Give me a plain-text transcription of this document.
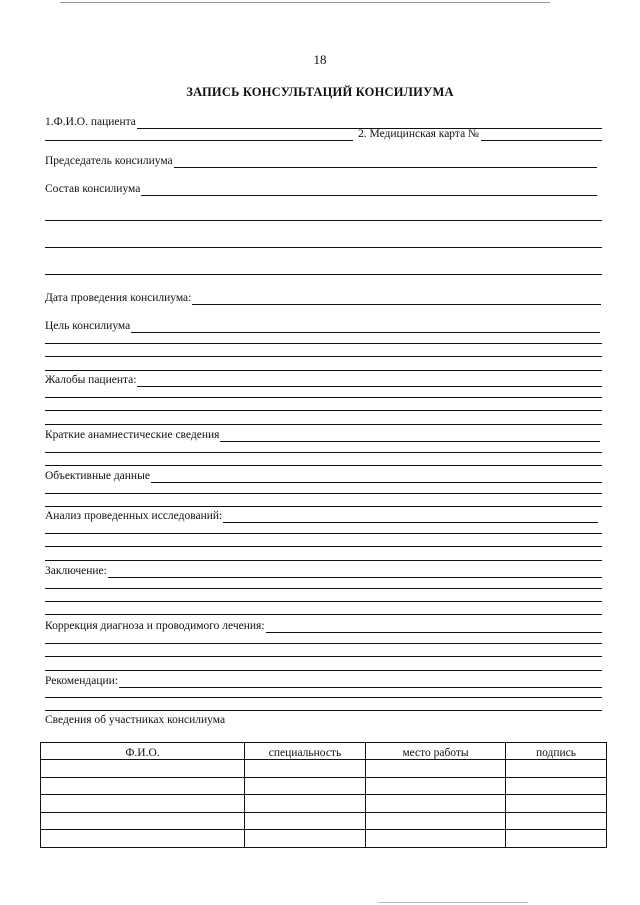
18
ЗАПИСЬ КОНСУЛЬТАЦИЙ КОНСИЛИУМА
1.Ф.И.О. пациента
2. Медицинская карта №
Председатель консилиума
Состав консилиума
Дата проведения консилиума:
Цель консилиума
Жалобы пациента:
Краткие анамнестические сведения
Объективные данные
Анализ проведенных исследований:
Заключение:
Коррекция диагноза и проводимого лечения:
Рекомендации:
Сведения об участниках консилиума
Ф.И.О.	специальность	место работы	подпись
